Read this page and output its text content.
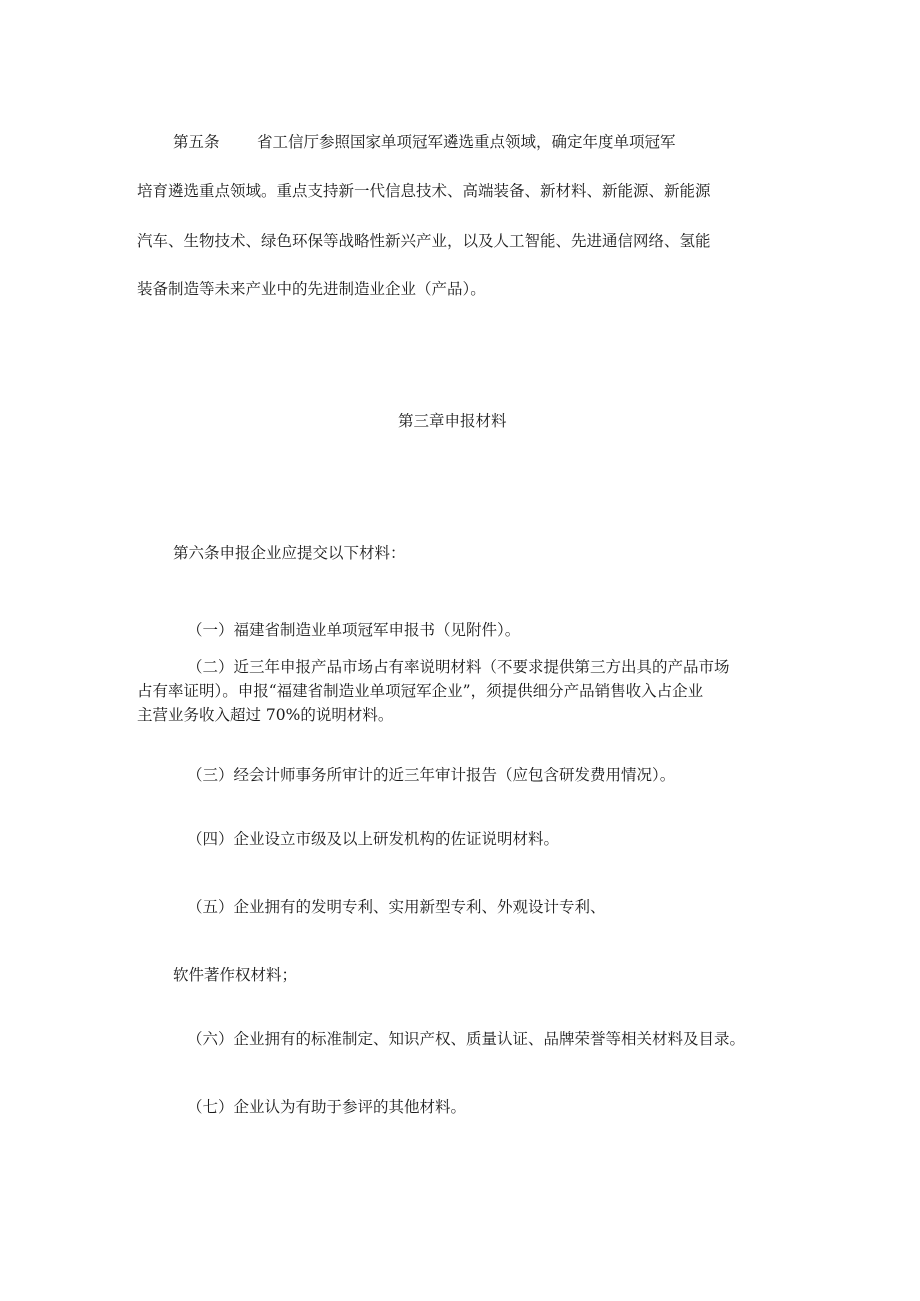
第五条 省工信厅参照国家单项冠军遴选重点领域，确定年度单项冠军
培育遴选重点领域。重点支持新一代信息技术、高端装备、新材料、新能源、新能源
汽车、生物技术、绿色环保等战略性新兴产业，以及人工智能、先进通信网络、氢能
装备制造等未来产业中的先进制造业企业（产品）。
第三章申报材料
第六条申报企业应提交以下材料：
（一）福建省制造业单项冠军申报书（见附件）。
（二）近三年申报产品市场占有率说明材料（不要求提供第三方出具的产品市场
占有率证明）。申报“福建省制造业单项冠军企业”，须提供细分产品销售收入占企业
主营业务收入超过 70%的说明材料。
（三）经会计师事务所审计的近三年审计报告（应包含研发费用情况）。
（四）企业设立市级及以上研发机构的佐证说明材料。
（五）企业拥有的发明专利、实用新型专利、外观设计专利、
软件著作权材料；
（六）企业拥有的标准制定、知识产权、质量认证、品牌荣誉等相关材料及目录。
（七）企业认为有助于参评的其他材料。
